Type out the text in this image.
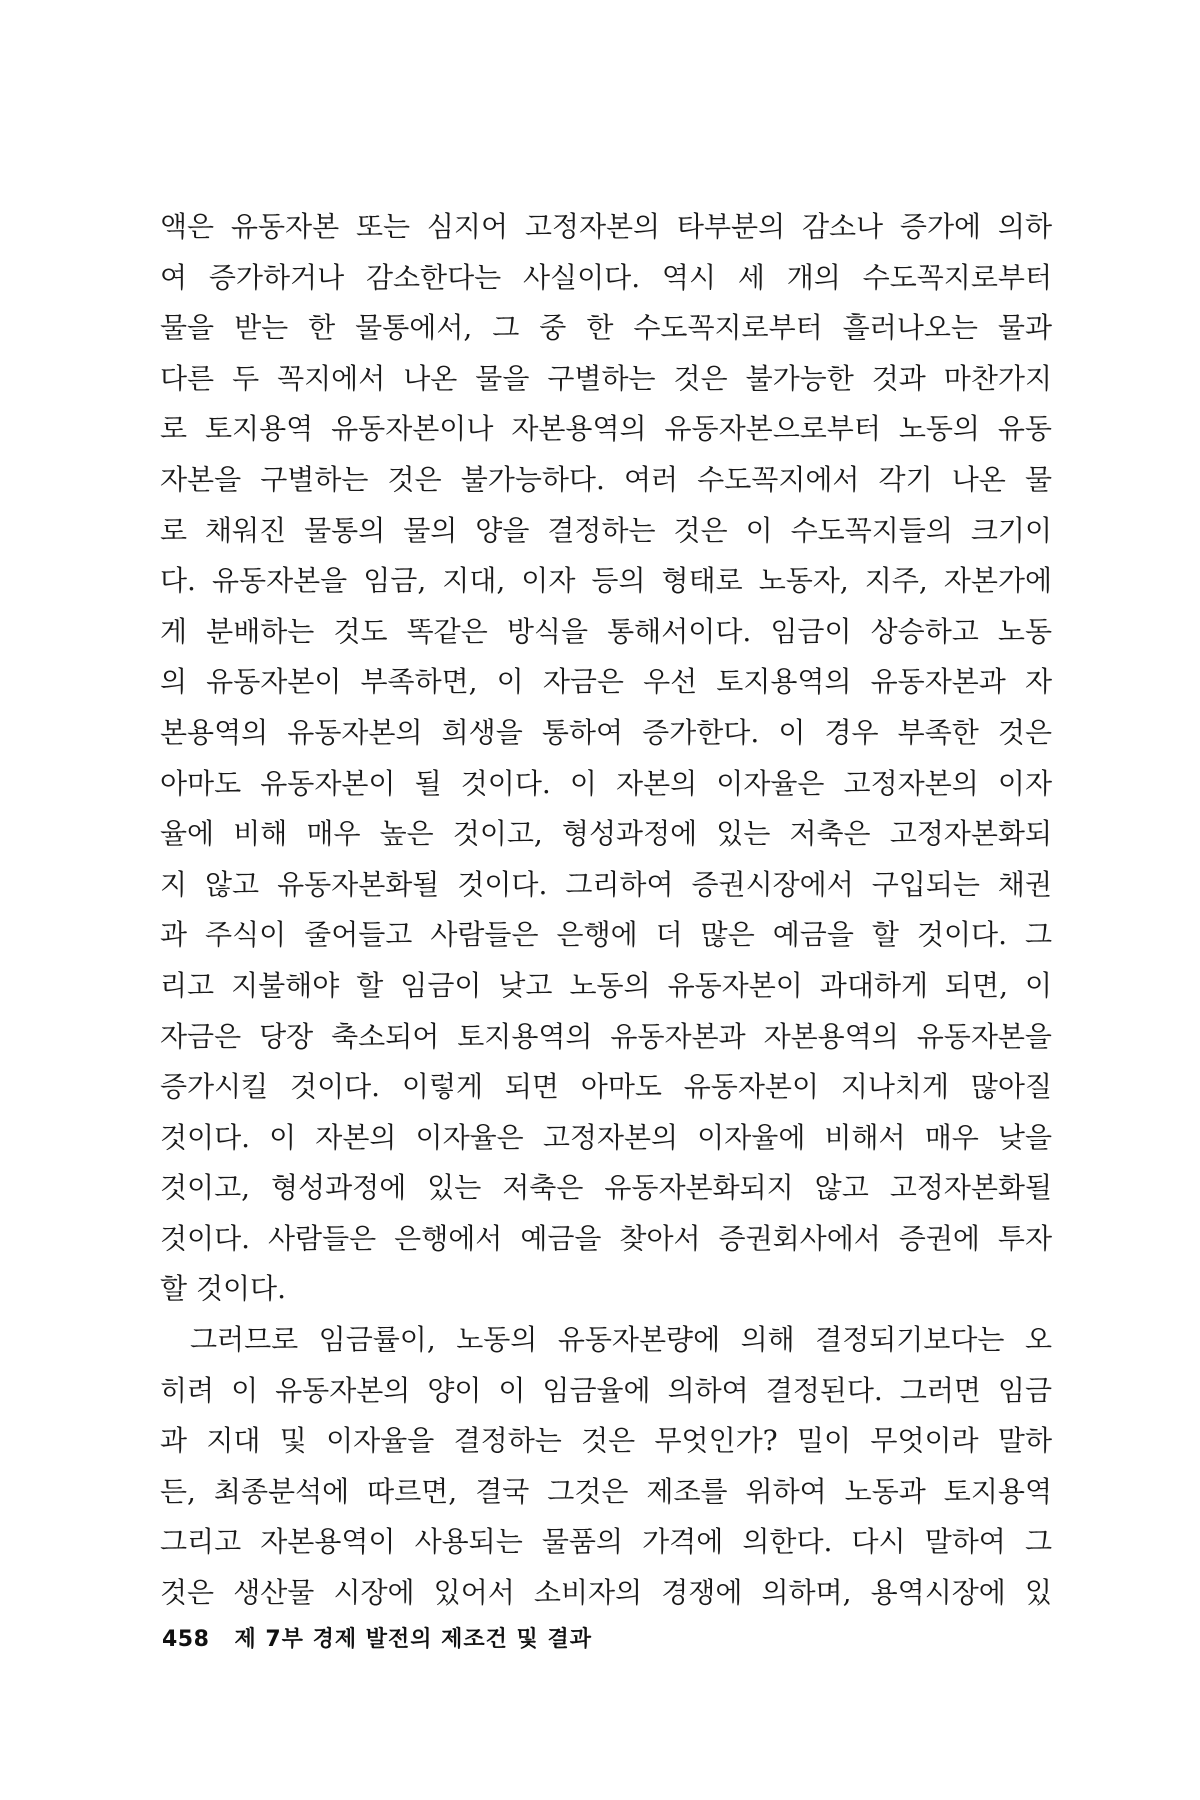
액은 유동자본 또는 심지어 고정자본의 타부분의 감소나 증가에 의하
여 증가하거나 감소한다는 사실이다. 역시 세 개의 수도꼭지로부터
물을 받는 한 물통에서, 그 중 한 수도꼭지로부터 흘러나오는 물과
다른 두 꼭지에서 나온 물을 구별하는 것은 불가능한 것과 마찬가지
로 토지용역 유동자본이나 자본용역의 유동자본으로부터 노동의 유동
자본을 구별하는 것은 불가능하다. 여러 수도꼭지에서 각기 나온 물
로 채워진 물통의 물의 양을 결정하는 것은 이 수도꼭지들의 크기이
다. 유동자본을 임금, 지대, 이자 등의 형태로 노동자, 지주, 자본가에
게 분배하는 것도 똑같은 방식을 통해서이다. 임금이 상승하고 노동
의 유동자본이 부족하면, 이 자금은 우선 토지용역의 유동자본과 자
본용역의 유동자본의 희생을 통하여 증가한다. 이 경우 부족한 것은
아마도 유동자본이 될 것이다. 이 자본의 이자율은 고정자본의 이자
율에 비해 매우 높은 것이고, 형성과정에 있는 저축은 고정자본화되
지 않고 유동자본화될 것이다. 그리하여 증권시장에서 구입되는 채권
과 주식이 줄어들고 사람들은 은행에 더 많은 예금을 할 것이다. 그
리고 지불해야 할 임금이 낮고 노동의 유동자본이 과대하게 되면, 이
자금은 당장 축소되어 토지용역의 유동자본과 자본용역의 유동자본을
증가시킬 것이다. 이렇게 되면 아마도 유동자본이 지나치게 많아질
것이다. 이 자본의 이자율은 고정자본의 이자율에 비해서 매우 낮을
것이고, 형성과정에 있는 저축은 유동자본화되지 않고 고정자본화될
것이다. 사람들은 은행에서 예금을 찾아서 증권회사에서 증권에 투자
할 것이다.
그러므로 임금률이, 노동의 유동자본량에 의해 결정되기보다는 오
히려 이 유동자본의 양이 이 임금율에 의하여 결정된다. 그러면 임금
과 지대 및 이자율을 결정하는 것은 무엇인가? 밀이 무엇이라 말하
든, 최종분석에 따르면, 결국 그것은 제조를 위하여 노동과 토지용역
그리고 자본용역이 사용되는 물품의 가격에 의한다. 다시 말하여 그
것은 생산물 시장에 있어서 소비자의 경쟁에 의하며, 용역시장에 있
458 제 7부 경제 발전의 제조건 및 결과
